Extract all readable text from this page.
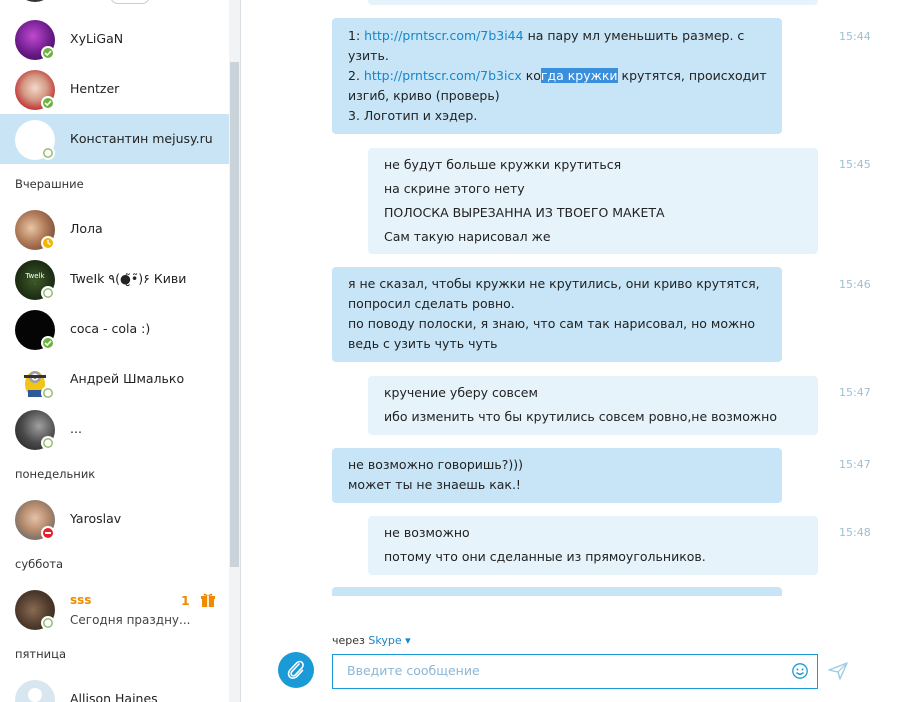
XyLiGaN
Hentzer
Константин mejusy.ru
Вчерашние
Лола
Twelk
·	TweIk ٩(●̮̮̃•̃)۶ Киви
coca - cola :)
Андрей Шмалько
...
понедельник
Yaroslav
суббота
sss
Сегодня праздну...
1
пятница
Allison Haines
1: http://prntscr.com/7b3i44 на пару мл уменьшить размер. с
узить.
2. http://prntscr.com/7b3icx когда кружки крутятся, происходит
изгиб, криво (проверь)
3. Логотип и хэдер.
15:44
не будут больше кружки крутиться
на скрине этого нету
ПОЛОСКА ВЫРЕЗАННА ИЗ ТВОЕГО МАКЕТА
Сам такую нарисовал же
15:45
я не сказал, чтобы кружки не крутились, они криво крутятся,
попросил сделать ровно.
по поводу полоски, я знаю, что сам так нарисовал, но можно
ведь с узить чуть чуть
15:46
кручение уберу совсем
ибо изменить что бы крутились совсем ровно,не возможно
15:47
не возможно говоришь?)))
может ты не знаешь как.!
15:47
не возможно
потому что они сделанные из прямоугольников.
15:48
через Skype ▾
Введите сообщение
